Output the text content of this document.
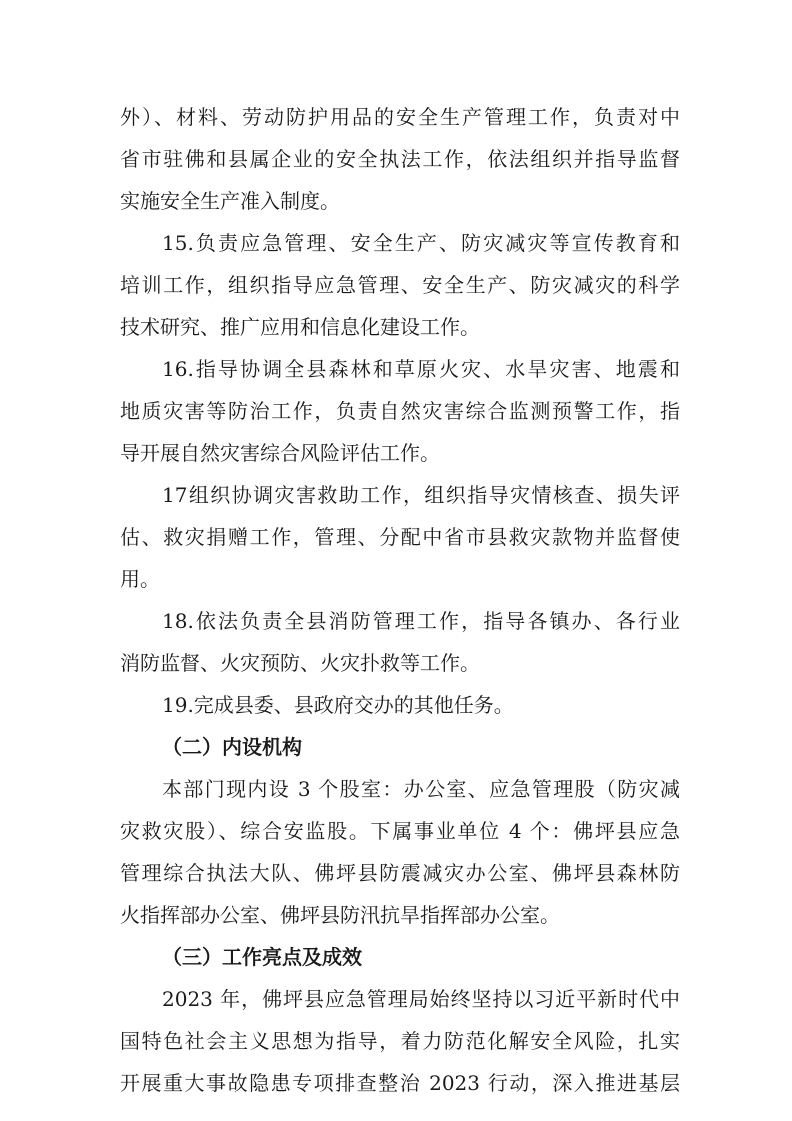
外）、材料、劳动防护用品的安全生产管理工作，负责对中
省市驻佛和县属企业的安全执法工作，依法组织并指导监督
实施安全生产准入制度。
15.负责应急管理、安全生产、防灾减灾等宣传教育和
培训工作，组织指导应急管理、安全生产、防灾减灾的科学
技术研究、推广应用和信息化建设工作。
16.指导协调全县森林和草原火灾、水旱灾害、地震和
地质灾害等防治工作，负责自然灾害综合监测预警工作，指
导开展自然灾害综合风险评估工作。
17组织协调灾害救助工作，组织指导灾情核查、损失评
估、救灾捐赠工作，管理、分配中省市县救灾款物并监督使
用。
18.依法负责全县消防管理工作，指导各镇办、各行业
消防监督、火灾预防、火灾扑救等工作。
19.完成县委、县政府交办的其他任务。
（二）内设机构
本部门现内设 3 个股室：办公室、应急管理股（防灾减
灾救灾股）、综合安监股。下属事业单位 4 个：佛坪县应急
管理综合执法大队、佛坪县防震减灾办公室、佛坪县森林防
火指挥部办公室、佛坪县防汛抗旱指挥部办公室。
（三）工作亮点及成效
2023 年，佛坪县应急管理局始终坚持以习近平新时代中
国特色社会主义思想为指导，着力防范化解安全风险，扎实
开展重大事故隐患专项排查整治 2023 行动，深入推进基层
